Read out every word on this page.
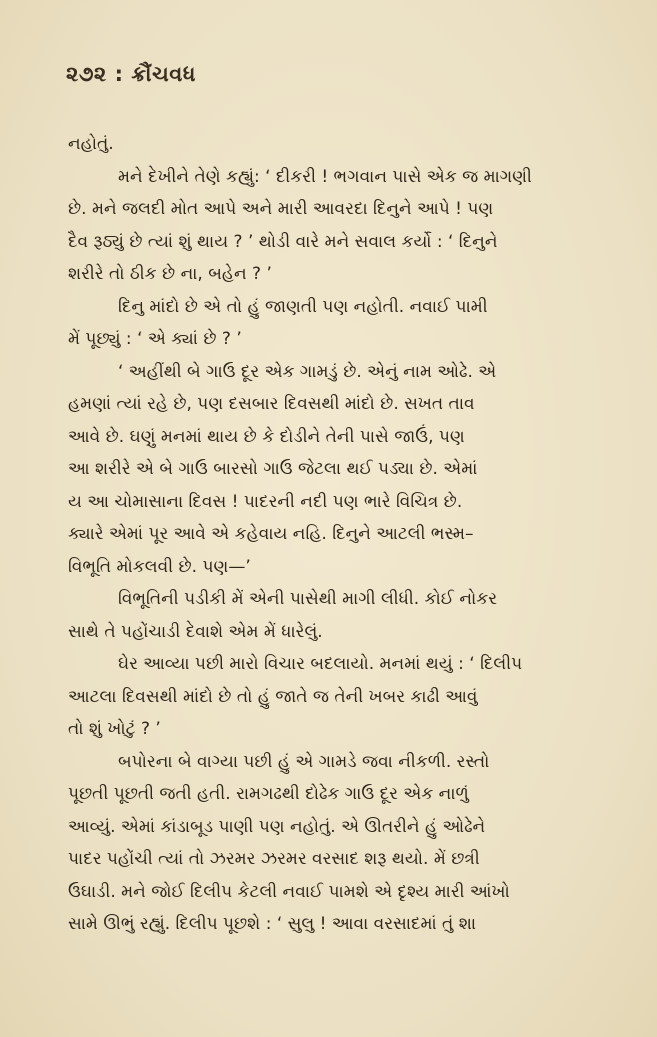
૨૭૨ : ક્રૌંચવધ
નહોતું.
મને દેખીને તેણે કહ્યું: ‘ દીકરી ! ભગવાન પાસે એક જ માગણી
છે. મને જલદી મોત આપે અને મારી આવરદા દિનુને આપે ! પણ
દૈવ રૂઠ્યું છે ત્યાં શું થાય ? ’ થોડી વારે મને સવાલ કર્યો : ‘ દિનુને
શરીરે તો ઠીક છે ના, બહેન ? ’
દિનુ માંદો છે એ તો હું જાણતી પણ નહોતી. નવાઈ પામી
મેં પૂછ્યું : ‘ એ ક્યાં છે ? ’
‘ અહીંથી બે ગાઉ દૂર એક ગામડું છે. એનું નામ ઓઢે. એ
હમણાં ત્યાં રહે છે, પણ દસબાર દિવસથી માંદો છે. સખત તાવ
આવે છે. ઘણું મનમાં થાય છે કે દોડીને તેની પાસે જાઉં, પણ
આ શરીરે એ બે ગાઉ બારસો ગાઉ જેટલા થઈ પડ્યા છે. એમાં
ય આ ચોમાસાના દિવસ ! પાદરની નદી પણ ભારે વિચિત્ર છે.
ક્યારે એમાં પૂર આવે એ કહેવાય નહિ. દિનુને આટલી ભસ્મ–
વિભૂતિ મોકલવી છે. પણ—’
વિભૂતિની પડીકી મેં એની પાસેથી માગી લીધી. કોઈ નોકર
સાથે તે પહોંચાડી દેવાશે એમ મેં ધારેલું.
ઘેર આવ્યા પછી મારો વિચાર બદલાયો. મનમાં થયું : ‘ દિલીપ
આટલા દિવસથી માંદો છે તો હું જાતે જ તેની ખબર કાઢી આવું
તો શું ખોટું ? ’
બપોરના બે વાગ્યા પછી હું એ ગામડે જવા નીકળી. રસ્તો
પૂછતી પૂછતી જતી હતી. રામગઢથી દોઢેક ગાઉ દૂર એક નાળું
આવ્યું. એમાં કાંડાબૂડ પાણી પણ નહોતું. એ ઊતરીને હું ઓઢેને
પાદર પહોંચી ત્યાં તો ઝરમર ઝરમર વરસાદ શરૂ થયો. મેં છત્રી
ઉઘાડી. મને જોઈ દિલીપ કેટલી નવાઈ પામશે એ દૃશ્ય મારી આંખો
સામે ઊભું રહ્યું. દિલીપ પૂછશે : ‘ સુલુ ! આવા વરસાદમાં તું શા
